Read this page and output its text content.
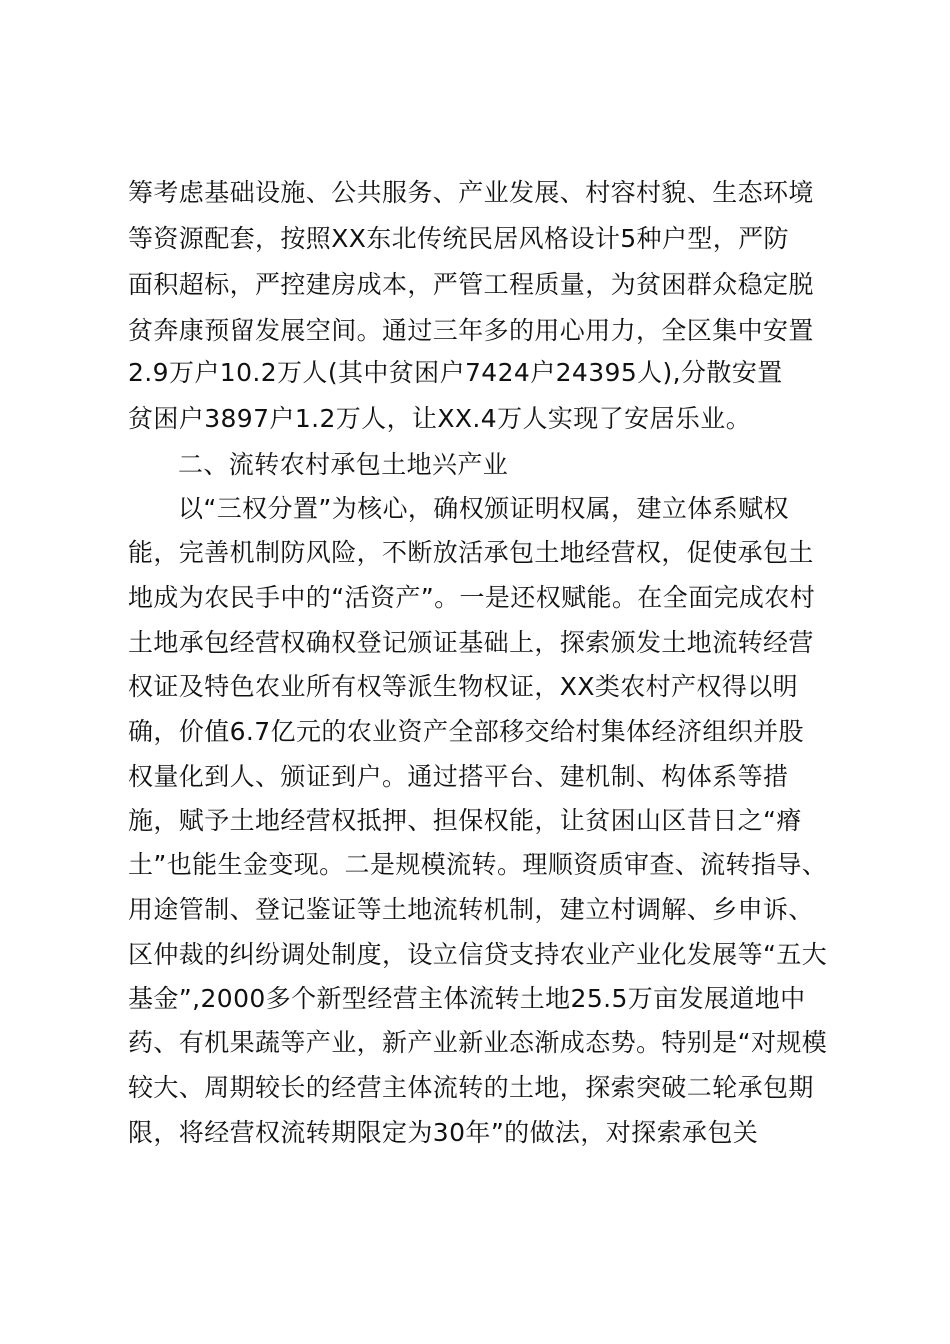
筹考虑基础设施、公共服务、产业发展、村容村貌、生态环境
等资源配套，按照XX东北传统民居风格设计5种户型，严防
面积超标，严控建房成本，严管工程质量，为贫困群众稳定脱
贫奔康预留发展空间。通过三年多的用心用力，全区集中安置
2.9万户10.2万人(其中贫困户7424户24395人),分散安置
贫困户3897户1.2万人，让XX.4万人实现了安居乐业。
二、流转农村承包土地兴产业
以“三权分置”为核心，确权颁证明权属，建立体系赋权
能，完善机制防风险，不断放活承包土地经营权，促使承包土
地成为农民手中的“活资产”。一是还权赋能。在全面完成农村
土地承包经营权确权登记颁证基础上，探索颁发土地流转经营
权证及特色农业所有权等派生物权证，XX类农村产权得以明
确，价值6.7亿元的农业资产全部移交给村集体经济组织并股
权量化到人、颁证到户。通过搭平台、建机制、构体系等措
施，赋予土地经营权抵押、担保权能，让贫困山区昔日之“瘠
土”也能生金变现。二是规模流转。理顺资质审查、流转指导、
用途管制、登记鉴证等土地流转机制，建立村调解、乡申诉、
区仲裁的纠纷调处制度，设立信贷支持农业产业化发展等“五大
基金”,2000多个新型经营主体流转土地25.5万亩发展道地中
药、有机果蔬等产业，新产业新业态渐成态势。特别是“对规模
较大、周期较长的经营主体流转的土地，探索突破二轮承包期
限，将经营权流转期限定为30年”的做法，对探索承包关
